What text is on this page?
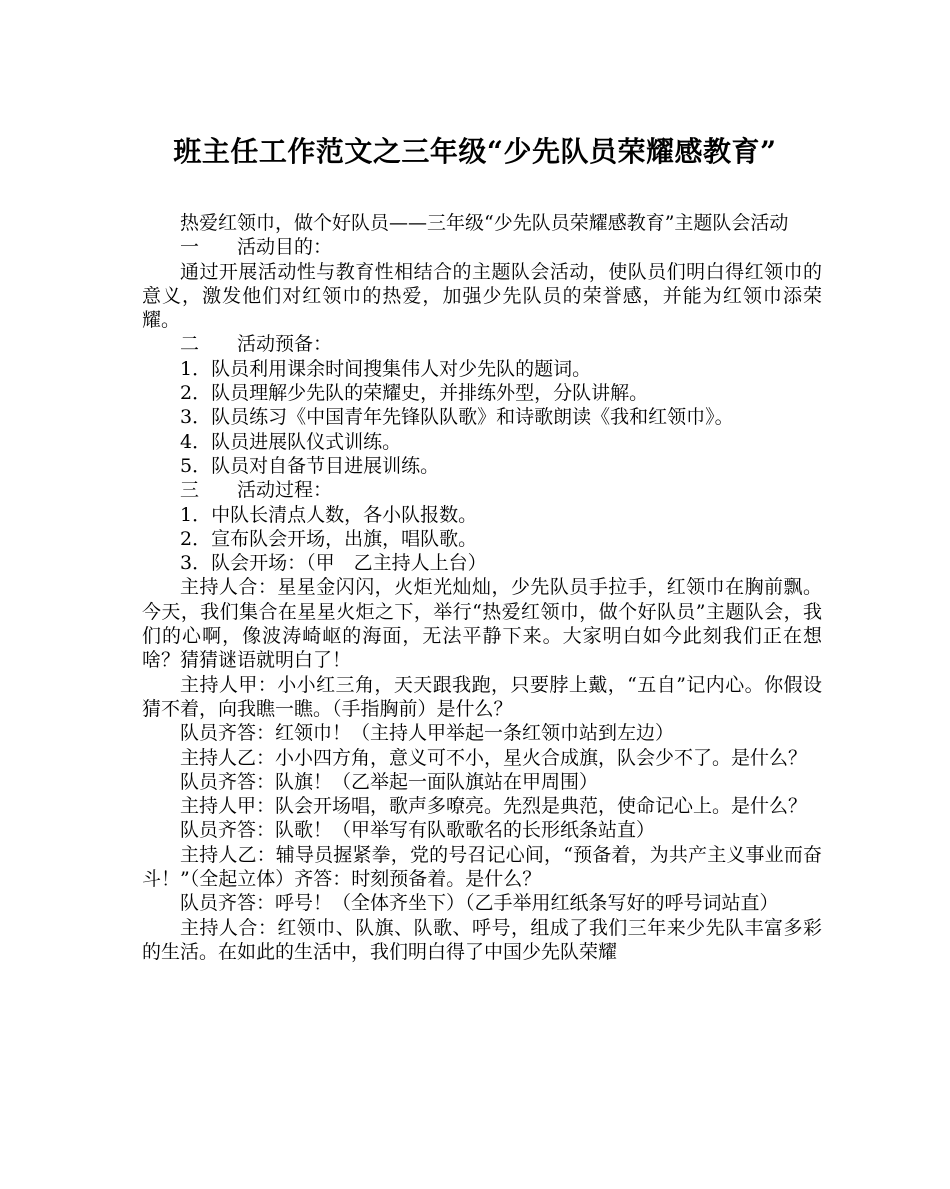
班主任工作范文之三年级“少先队员荣耀感教育”

热爱红领巾，做个好队员——三年级“少先队员荣耀感教育”主题队会活动

一　　活动目的：

通过开展活动性与教育性相结合的主题队会活动，使队员们明白得红领巾的意义，激发他们对红领巾的热爱，加强少先队员的荣誉感，并能为红领巾添荣耀。

二　　活动预备：

1．队员利用课余时间搜集伟人对少先队的题词。

2．队员理解少先队的荣耀史，并排练外型，分队讲解。

3．队员练习《中国青年先锋队队歌》和诗歌朗读《我和红领巾》。

4．队员进展队仪式训练。

5．队员对自备节目进展训练。

三　　活动过程：

1．中队长清点人数，各小队报数。

2．宣布队会开场，出旗，唱队歌。

3．队会开场：（甲　乙主持人上台）

主持人合：星星金闪闪，火炬光灿灿，少先队员手拉手，红领巾在胸前飘。今天，我们集合在星星火炬之下，举行“热爱红领巾，做个好队员”主题队会，我们的心啊，像波涛崎岖的海面，无法平静下来。大家明白如今此刻我们正在想啥？猜猜谜语就明白了！

主持人甲：小小红三角，天天跟我跑，只要脖上戴，“五自”记内心。你假设猜不着，向我瞧一瞧。（手指胸前）是什么？

队员齐答：红领巾！（主持人甲举起一条红领巾站到左边）

主持人乙：小小四方角，意义可不小，星火合成旗，队会少不了。是什么？

队员齐答：队旗！（乙举起一面队旗站在甲周围）

主持人甲：队会开场唱，歌声多嘹亮。先烈是典范，使命记心上。是什么？

队员齐答：队歌！（甲举写有队歌歌名的长形纸条站直）

主持人乙：辅导员握紧拳，党的号召记心间，“预备着，为共产主义事业而奋斗！”（全起立体）齐答：时刻预备着。是什么？

队员齐答：呼号！（全体齐坐下）（乙手举用红纸条写好的呼号词站直）

主持人合：红领巾、队旗、队歌、呼号，组成了我们三年来少先队丰富多彩的生活。在如此的生活中，我们明白得了中国少先队荣耀
